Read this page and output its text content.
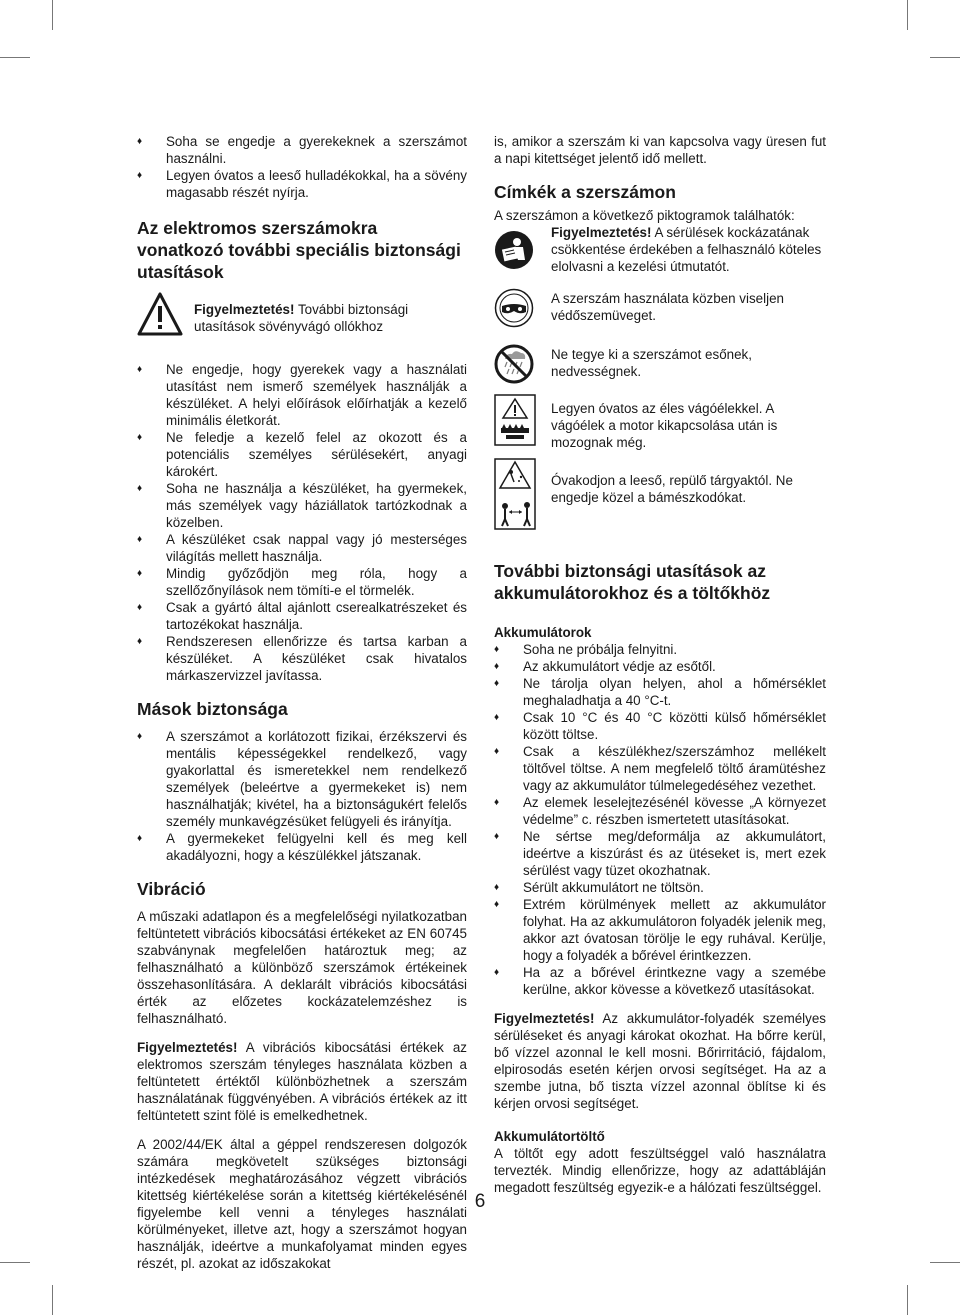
♦ Soha se engedje a gyerekeknek a szerszámot használni.
♦ Legyen óvatos a leeső hulladékokkal, ha a sövény magasabb részét nyírja.
Az elektromos szerszámokra vonatkozó további speciális biztonsági utasítások
Figyelmeztetés! További biztonsági utasítások sövényvágó ollókhoz
♦ Ne engedje, hogy gyerekek vagy a használati utasítást nem ismerő személyek használják a készüléket. A helyi előírások előírhatják a kezelő minimális életkorát.
♦ Ne feledje a kezelő felel az okozott és a potenciális személyes sérülésekért, anyagi károkért.
♦ Soha ne használja a készüléket, ha gyermekek, más személyek vagy háziállatok tartózkodnak a közelben.
♦ A készüléket csak nappal vagy jó mesterséges világítás mellett használja.
♦ Mindig győződjön meg róla, hogy a szellőzőnyílások nem tömíti-e el törmelék.
♦ Csak a gyártó által ajánlott cserealkatrészeket és tartozékokat használja.
♦ Rendszeresen ellenőrizze és tartsa karban a készüléket. A készüléket csak hivatalos márkaszervizzel javítassa.
Mások biztonsága
♦ A szerszámot a korlátozott fizikai, érzékszervi és mentális képességekkel rendelkező, vagy gyakorlattal és ismeretekkel nem rendelkező személyek (beleértve a gyermekeket is) nem használhatják; kivétel, ha a biztonságukért felelős személy munkavégzésüket felügyeli és irányítja.
♦ A gyermekeket felügyelni kell és meg kell akadályozni, hogy a készülékkel játszanak.
Vibráció

A műszaki adatlapon és a megfelelőségi nyilatkozatban feltüntetett vibrációs kibocsátási értékeket az EN 60745 szabványnak megfelelően határoztuk meg; az felhasználható a különböző szerszámok értékeinek összehasonlítására. A deklarált vibrációs kibocsátási érték az előzetes kockázatelemzéshez is felhasználható.

Figyelmeztetés! A vibrációs kibocsátási értékek az elektromos szerszám tényleges használata közben a feltüntetett értéktől különbözhetnek a szerszám használatának függvényében. A vibrációs értékek az itt feltüntetett szint fölé is emelkedhetnek.

A 2002/44/EK által a géppel rendszeresen dolgozók számára megkövetelt szükséges biztonsági intézkedések meghatározásához végzett vibrációs kitettség kiértékelése során a kitettség kiértékelésénél figyelembe kell venni a tényleges használati körülményeket, illetve azt, hogy a szerszámot hogyan használják, ideértve a munkafolyamat minden egyes részét, pl. azokat az időszakokat

is, amikor a szerszám ki van kapcsolva vagy üresen fut a napi kitettséget jelentő idő mellett.

Címkék a szerszámon

A szerszámon a következő piktogramok találhatók:

Figyelmeztetés! A sérülések kockázatának csökkentése érdekében a felhasználó köteles elolvasni a kezelési útmutatót.
A szerszám használata közben viseljen védőszemüveget.
Ne tegye ki a szerszámot esőnek, nedvességnek.
Legyen óvatos az éles vágóélekkel. A vágóélek a motor kikapcsolása után is mozognak még.
Óvakodjon a leeső, repülő tárgyaktól. Ne engedje közel a bámészkodókat.
További biztonsági utasítások az akkumulátorokhoz és a töltőkhöz
Akkumulátorok
♦ Soha ne próbálja felnyitni.
♦ Az akkumulátort védje az esőtől.
♦ Ne tárolja olyan helyen, ahol a hőmérséklet meghaladhatja a 40 °C-t.
♦ Csak 10 °C és 40 °C közötti külső hőmérséklet között töltse.
♦ Csak a készülékhez/szerszámhoz mellékelt töltővel töltse. A nem megfelelő töltő áramütéshez vagy az akkumulátor túlmelegedéséhez vezethet.
♦ Az elemek leselejtezésénél kövesse „A környezet védelme” c. részben ismertetett utasításokat.
♦ Ne sértse meg/deformálja az akkumulátort, ideértve a kiszúrást és az ütéseket is, mert ezek sérülést vagy tüzet okozhatnak.
♦ Sérült akkumulátort ne töltsön.
♦ Extrém körülmények mellett az akkumulátor folyhat. Ha az akkumulátoron folyadék jelenik meg, akkor azt óvatosan törölje le egy ruhával. Kerülje, hogy a folyadék a bőrével érintkezzen.
♦ Ha az a bőrével érintkezne vagy a szemébe kerülne, akkor kövesse a következő utasításokat.

Figyelmeztetés! Az akkumulátor-folyadék személyes sérüléseket és anyagi károkat okozhat. Ha bőrre kerül, bő vízzel azonnal le kell mosni. Bőrirritáció, fájdalom, elpirosodás esetén kérjen orvosi segítséget. Ha az a szembe jutna, bő tiszta vízzel azonnal öblítse ki és kérjen orvosi segítséget.

Akkumulátortöltő

A töltőt egy adott feszültséggel való használatra tervezték. Mindig ellenőrizze, hogy az adattábláján megadott feszültség egyezik-e a hálózati feszültséggel.

6
